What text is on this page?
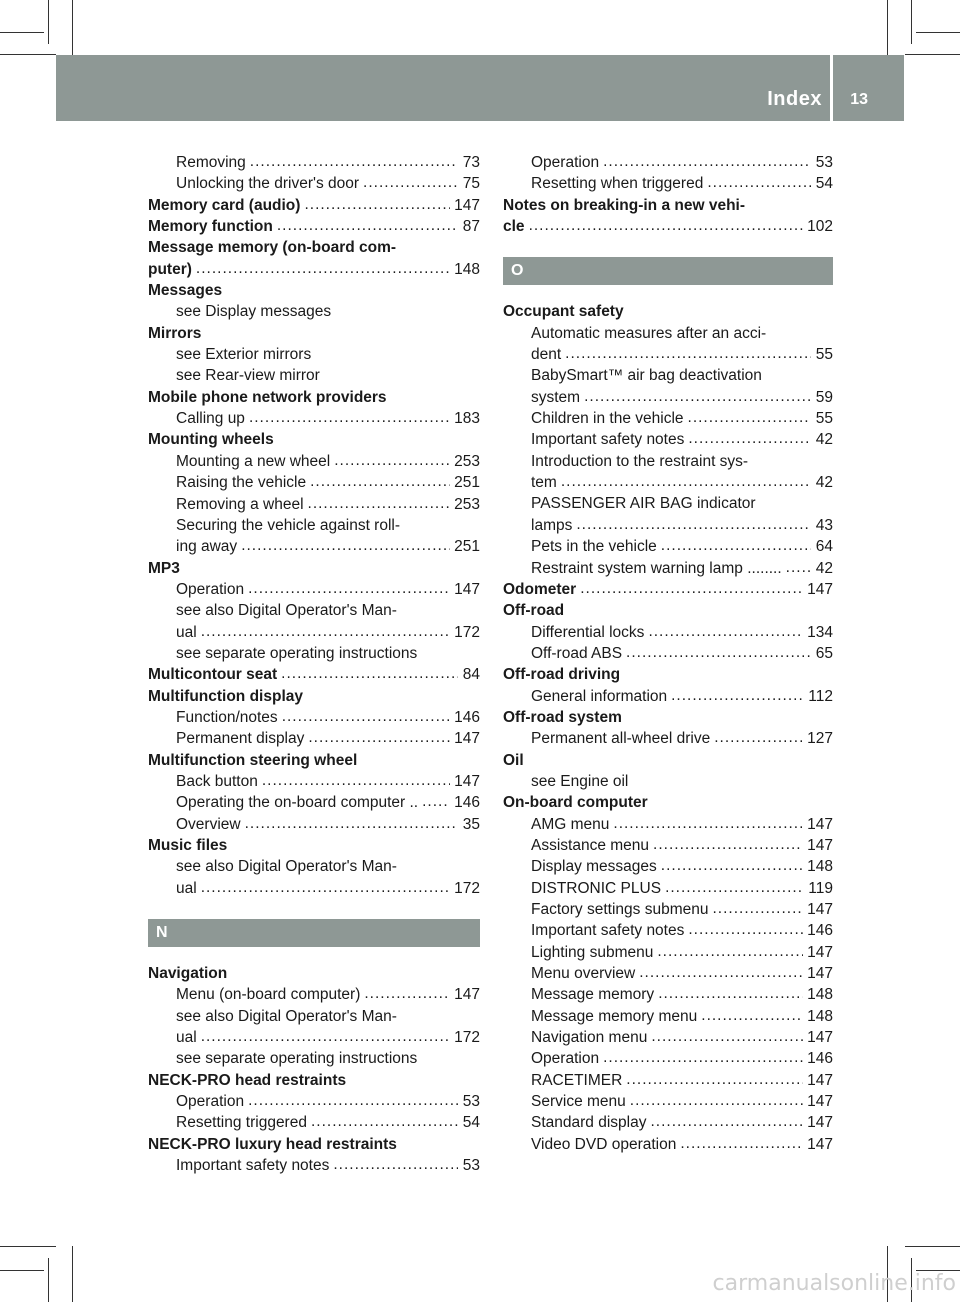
Index 13
Removing .....	73
Unlocking the driver's door .....	75
Memory card (audio) .....	147
Memory function .....	87
Message memory (on-board com-
puter) .....	148
Messages
see Display messages
Mirrors
see Exterior mirrors
see Rear-view mirror
Mobile phone network providers
Calling up .....	183
Mounting wheels
Mounting a new wheel .....	253
Raising the vehicle .....	251
Removing a wheel .....	253
Securing the vehicle against roll-
ing away .....	251
MP3
Operation .....	147
see also Digital Operator's Man-
ual .....	172
see separate operating instructions
Multicontour seat .....	84
Multifunction display
Function/notes .....	146
Permanent display .....	147
Multifunction steering wheel
Back button .....	147
Operating the on-board computer .. ..... 146
Overview .....	35
Music files
see also Digital Operator's Man-
ual .....	172
N
Navigation
Menu (on-board computer) .....	147
see also Digital Operator's Man-
ual .....	172
see separate operating instructions
NECK-PRO head restraints
Operation .....	53
Resetting triggered .....	54
NECK-PRO luxury head restraints
Important safety notes .....	53
Operation .....	53
Resetting when triggered .....	54
Notes on breaking-in a new vehi-
cle .....	102
O
Occupant safety
Automatic measures after an acci-
dent .....	55
BabySmart™ air bag deactivation
system .....	59
Children in the vehicle .....	55
Important safety notes .....	42
Introduction to the restraint sys-
tem .....	42
PASSENGER AIR BAG indicator
lamps .....	43
Pets in the vehicle .....	64
Restraint system warning lamp ........ ..... 42
Odometer .....	147
Off-road
Differential locks .....	134
Off-road ABS .....	65
Off-road driving
General information .....	112
Off-road system
Permanent all-wheel drive .....	127
Oil
see Engine oil
On-board computer
AMG menu .....	147
Assistance menu .....	147
Display messages .....	148
DISTRONIC PLUS .....	119
Factory settings submenu .....	147
Important safety notes .....	146
Lighting submenu .....	147
Menu overview .....	147
Message memory .....	148
Message memory menu .....	148
Navigation menu .....	147
Operation .....	146
RACETIMER .....	147
Service menu .....	147
Standard display .....	147
Video DVD operation .....	147
carmanualsonline.info
